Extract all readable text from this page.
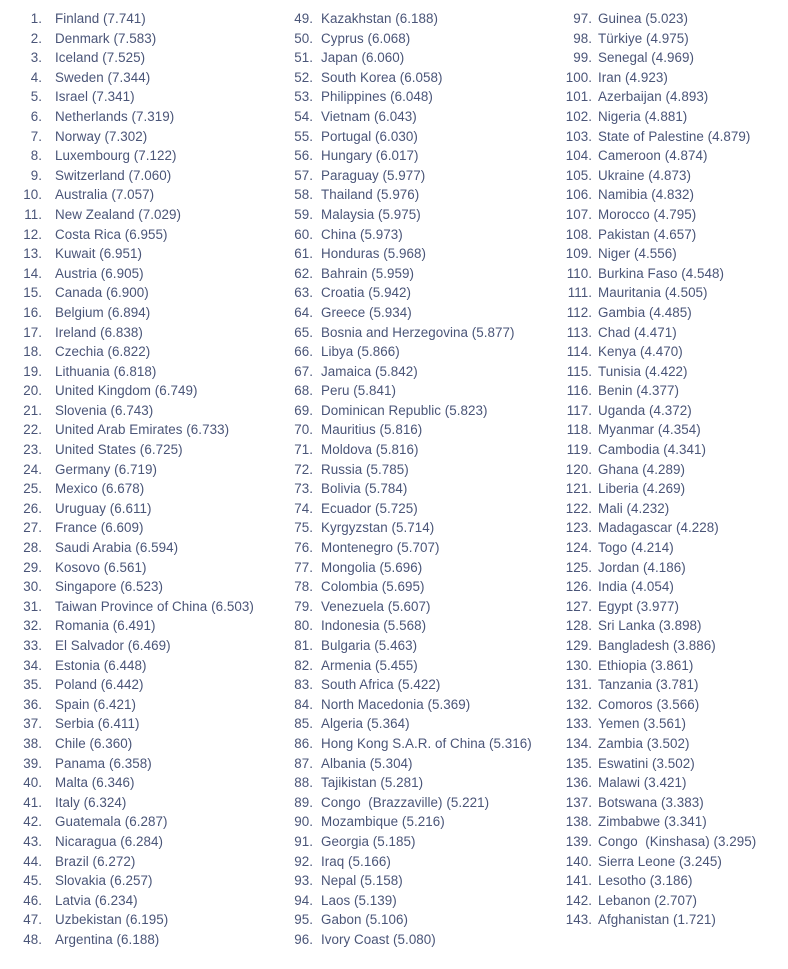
1. Finland (7.741)
2. Denmark (7.583)
3. Iceland (7.525)
4. Sweden (7.344)
5. Israel (7.341)
6. Netherlands (7.319)
7. Norway (7.302)
8. Luxembourg (7.122)
9. Switzerland (7.060)
10. Australia (7.057)
11. New Zealand (7.029)
12. Costa Rica (6.955)
13. Kuwait (6.951)
14. Austria (6.905)
15. Canada (6.900)
16. Belgium (6.894)
17. Ireland (6.838)
18. Czechia (6.822)
19. Lithuania (6.818)
20. United Kingdom (6.749)
21. Slovenia (6.743)
22. United Arab Emirates (6.733)
23. United States (6.725)
24. Germany (6.719)
25. Mexico (6.678)
26. Uruguay (6.611)
27. France (6.609)
28. Saudi Arabia (6.594)
29. Kosovo (6.561)
30. Singapore (6.523)
31. Taiwan Province of China (6.503)
32. Romania (6.491)
33. El Salvador (6.469)
34. Estonia (6.448)
35. Poland (6.442)
36. Spain (6.421)
37. Serbia (6.411)
38. Chile (6.360)
39. Panama (6.358)
40. Malta (6.346)
41. Italy (6.324)
42. Guatemala (6.287)
43. Nicaragua (6.284)
44. Brazil (6.272)
45. Slovakia (6.257)
46. Latvia (6.234)
47. Uzbekistan (6.195)
48. Argentina (6.188)
49. Kazakhstan (6.188)
50. Cyprus (6.068)
51. Japan (6.060)
52. South Korea (6.058)
53. Philippines (6.048)
54. Vietnam (6.043)
55. Portugal (6.030)
56. Hungary (6.017)
57. Paraguay (5.977)
58. Thailand (5.976)
59. Malaysia (5.975)
60. China (5.973)
61. Honduras (5.968)
62. Bahrain (5.959)
63. Croatia (5.942)
64. Greece (5.934)
65. Bosnia and Herzegovina (5.877)
66. Libya (5.866)
67. Jamaica (5.842)
68. Peru (5.841)
69. Dominican Republic (5.823)
70. Mauritius (5.816)
71. Moldova (5.816)
72. Russia (5.785)
73. Bolivia (5.784)
74. Ecuador (5.725)
75. Kyrgyzstan (5.714)
76. Montenegro (5.707)
77. Mongolia (5.696)
78. Colombia (5.695)
79. Venezuela (5.607)
80. Indonesia (5.568)
81. Bulgaria (5.463)
82. Armenia (5.455)
83. South Africa (5.422)
84. North Macedonia (5.369)
85. Algeria (5.364)
86. Hong Kong S.A.R. of China (5.316)
87. Albania (5.304)
88. Tajikistan (5.281)
89. Congo  (Brazzaville) (5.221)
90. Mozambique (5.216)
91. Georgia (5.185)
92. Iraq (5.166)
93. Nepal (5.158)
94. Laos (5.139)
95. Gabon (5.106)
96. Ivory Coast (5.080)
97. Guinea (5.023)
98. Türkiye (4.975)
99. Senegal (4.969)
100. Iran (4.923)
101. Azerbaijan (4.893)
102. Nigeria (4.881)
103. State of Palestine (4.879)
104. Cameroon (4.874)
105. Ukraine (4.873)
106. Namibia (4.832)
107. Morocco (4.795)
108. Pakistan (4.657)
109. Niger (4.556)
110. Burkina Faso (4.548)
111. Mauritania (4.505)
112. Gambia (4.485)
113. Chad (4.471)
114. Kenya (4.470)
115. Tunisia (4.422)
116. Benin (4.377)
117. Uganda (4.372)
118. Myanmar (4.354)
119. Cambodia (4.341)
120. Ghana (4.289)
121. Liberia (4.269)
122. Mali (4.232)
123. Madagascar (4.228)
124. Togo (4.214)
125. Jordan (4.186)
126. India (4.054)
127. Egypt (3.977)
128. Sri Lanka (3.898)
129. Bangladesh (3.886)
130. Ethiopia (3.861)
131. Tanzania (3.781)
132. Comoros (3.566)
133. Yemen (3.561)
134. Zambia (3.502)
135. Eswatini (3.502)
136. Malawi (3.421)
137. Botswana (3.383)
138. Zimbabwe (3.341)
139. Congo  (Kinshasa) (3.295)
140. Sierra Leone (3.245)
141. Lesotho (3.186)
142. Lebanon (2.707)
143. Afghanistan (1.721)
